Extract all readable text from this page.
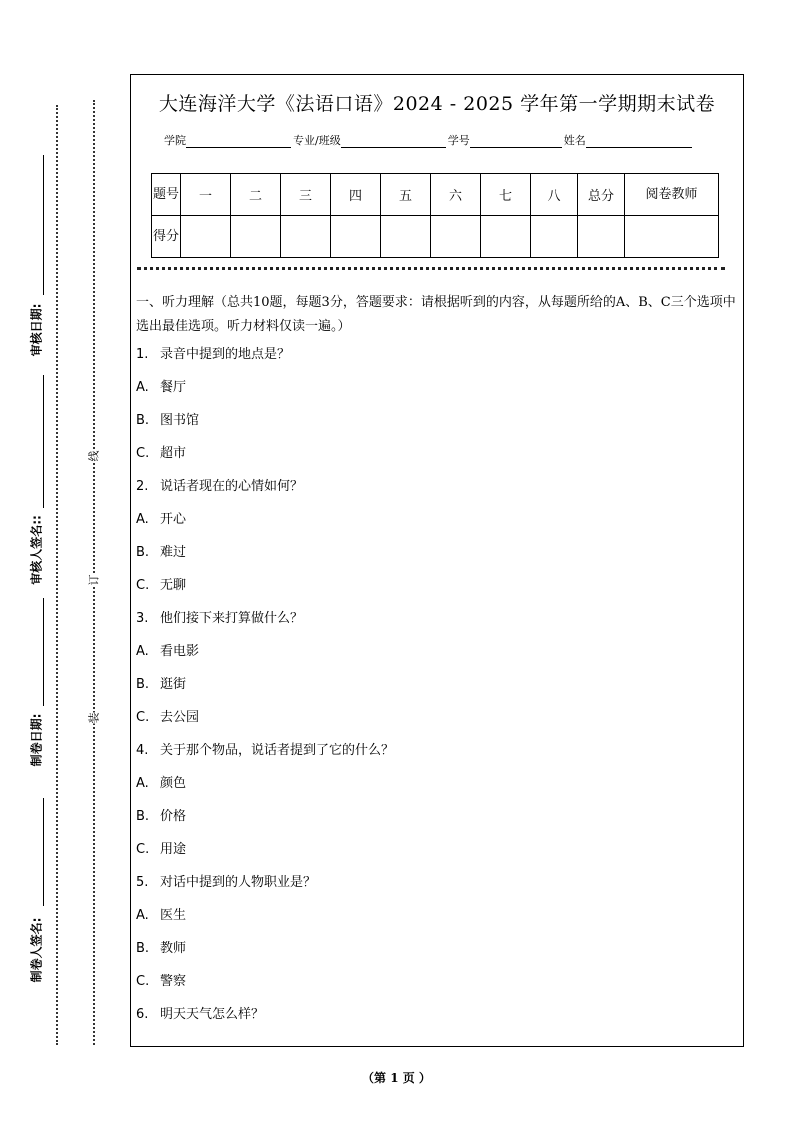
审核日期:
审核人签名::
制卷日期:
制卷人签名:
线
订
装
大连海洋大学《法语口语》2024 - 2025 学年第一学期期末试卷
学院	专业/班级	学号	姓名
题号	一	二	三	四	五	六	七	八	总分	阅卷教师
得分										
一、听力理解（总共10题，每题3分，答题要求：请根据听到的内容，从每题所给的A、B、C三个选项中选出最佳选项。听力材料仅读一遍。）
1. 录音中提到的地点是？
A. 餐厅
B. 图书馆
C. 超市
2. 说话者现在的心情如何？
A. 开心
B. 难过
C. 无聊
3. 他们接下来打算做什么？
A. 看电影
B. 逛街
C. 去公园
4. 关于那个物品，说话者提到了它的什么？
A. 颜色
B. 价格
C. 用途
5. 对话中提到的人物职业是？
A. 医生
B. 教师
C. 警察
6. 明天天气怎么样？
（第 1 页 ）
